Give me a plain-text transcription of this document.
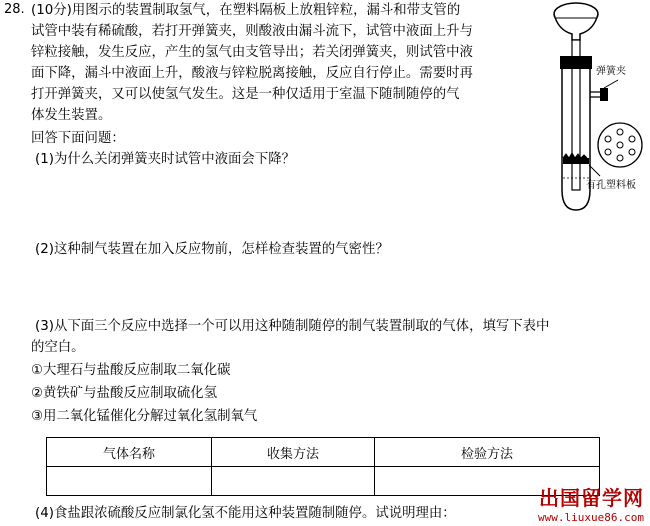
28. (10分)用图示的装置制取氢气，在塑料隔板上放粗锌粒，漏斗和带支管的
试管中装有稀硫酸，若打开弹簧夹，则酸液由漏斗流下，试管中液面上升与
锌粒接触，发生反应，产生的氢气由支管导出；若关闭弹簧夹，则试管中液
面下降，漏斗中液面上升，酸液与锌粒脱离接触，反应自行停止。需要时再
打开弹簧夹，又可以使氢气发生。这是一种仅适用于室温下随制随停的气
体发生装置。
回答下面问题：
(1)为什么关闭弹簧夹时试管中液面会下降？
(2)这种制气装置在加入反应物前，怎样检查装置的气密性？
(3)从下面三个反应中选择一个可以用这种随制随停的制气装置制取的气体，填写下表中
的空白。
①大理石与盐酸反应制取二氧化碳
②黄铁矿与盐酸反应制取硫化氢
③用二氧化锰催化分解过氧化氢制氧气
气体名称	收集方法	检验方法

(4)食盐跟浓硫酸反应制氯化氢不能用这种装置随制随停。试说明理由：
弹簧夹
有孔塑料板
出国留学网
www.liuxue86.com
